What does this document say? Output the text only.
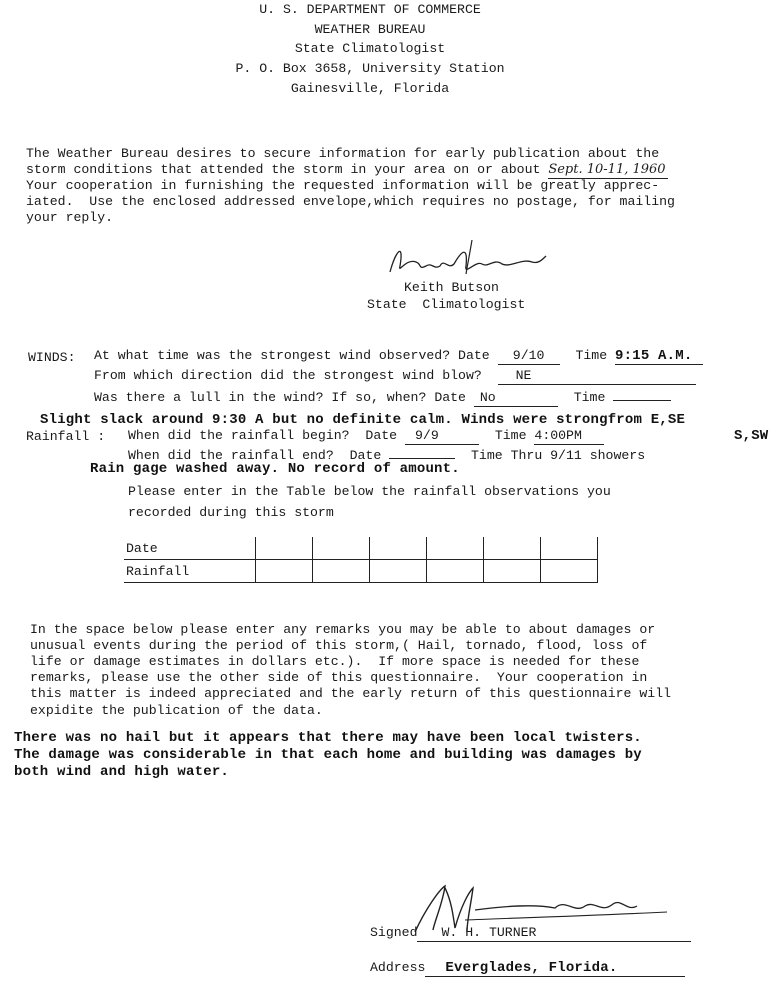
U. S. DEPARTMENT OF COMMERCE
WEATHER BUREAU
State Climatologist
P. O. Box 3658, University Station
Gainesville, Florida
The Weather Bureau desires to secure information for early publication about the
storm conditions that attended the storm in your area on or about Sept. 10-11, 1960
Your cooperation in furnishing the requested information will be greatly apprec-
iated.  Use the enclosed addressed envelope,which requires no postage, for mailing
your reply.
Keith Butson
State  Climatologist
WINDS: At what time was the strongest wind observed? Date 9/10 Time 9:15 A.M.
From which direction did the strongest wind blow?	NE
Was there a lull in the wind? If so, when? Date No	Time
Slight slack around 9:30 A but no definite calm. Winds were strongfrom E,SE
S,SW
Rainfall : When did the rainfall begin? Date 9/9	Time 4:00PM
When did the rainfall end? Date	Time Thru 9/11 showers
Rain gage washed away. No record of amount.
Please enter in the Table below the rainfall observations you
recorded during this storm
Date						
Rainfall						
In the space below please enter any remarks you may be able to about damages or
unusual events during the period of this storm,( Hail, tornado, flood, loss of
life or damage estimates in dollars etc.).  If more space is needed for these
remarks, please use the other side of this questionnaire.  Your cooperation in
this matter is indeed appreciated and the early return of this questionnaire will
expidite the publication of the data.
There was no hail but it appears that there may have been local twisters.
The damage was considerable in that each home and building was damages by
both wind and high water.
Signed W. H. TURNER
Address Everglades, Florida.
